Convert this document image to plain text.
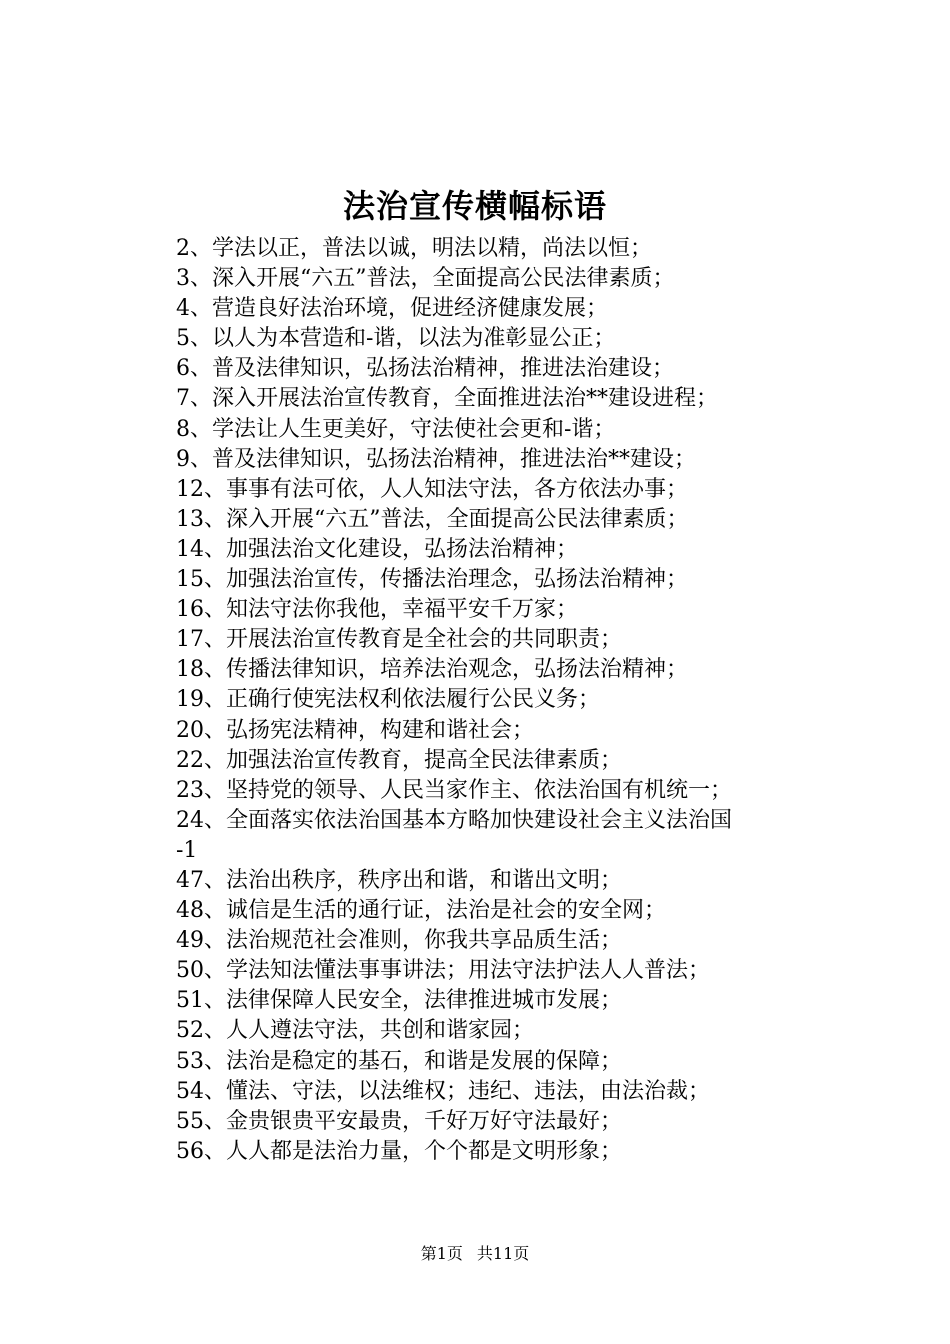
法治宣传横幅标语
2、学法以正，普法以诚，明法以精，尚法以恒；
3、深入开展“六五”普法，全面提高公民法律素质；
4、营造良好法治环境，促进经济健康发展；
5、以人为本营造和-谐，以法为准彰显公正；
6、普及法律知识，弘扬法治精神，推进法治建设；
7、深入开展法治宣传教育，全面推进法治**建设进程；
8、学法让人生更美好，守法使社会更和-谐；
9、普及法律知识，弘扬法治精神，推进法治**建设；
12、事事有法可依，人人知法守法，各方依法办事；
13、深入开展“六五”普法，全面提高公民法律素质；
14、加强法治文化建设，弘扬法治精神；
15、加强法治宣传，传播法治理念，弘扬法治精神；
16、知法守法你我他，幸福平安千万家；
17、开展法治宣传教育是全社会的共同职责；
18、传播法律知识，培养法治观念，弘扬法治精神；
19、正确行使宪法权利依法履行公民义务；
20、弘扬宪法精神，构建和谐社会；
22、加强法治宣传教育，提高全民法律素质；
23、坚持党的领导、人民当家作主、依法治国有机统一；
24、全面落实依法治国基本方略加快建设社会主义法治国
-1
47、法治出秩序，秩序出和谐，和谐出文明；
48、诚信是生活的通行证，法治是社会的安全网；
49、法治规范社会准则，你我共享品质生活；
50、学法知法懂法事事讲法；用法守法护法人人普法；
51、法律保障人民安全，法律推进城市发展；
52、人人遵法守法，共创和谐家园；
53、法治是稳定的基石，和谐是发展的保障；
54、懂法、守法，以法维权；违纪、违法，由法治裁；
55、金贵银贵平安最贵，千好万好守法最好；
56、人人都是法治力量，个个都是文明形象；
第1页 共11页
